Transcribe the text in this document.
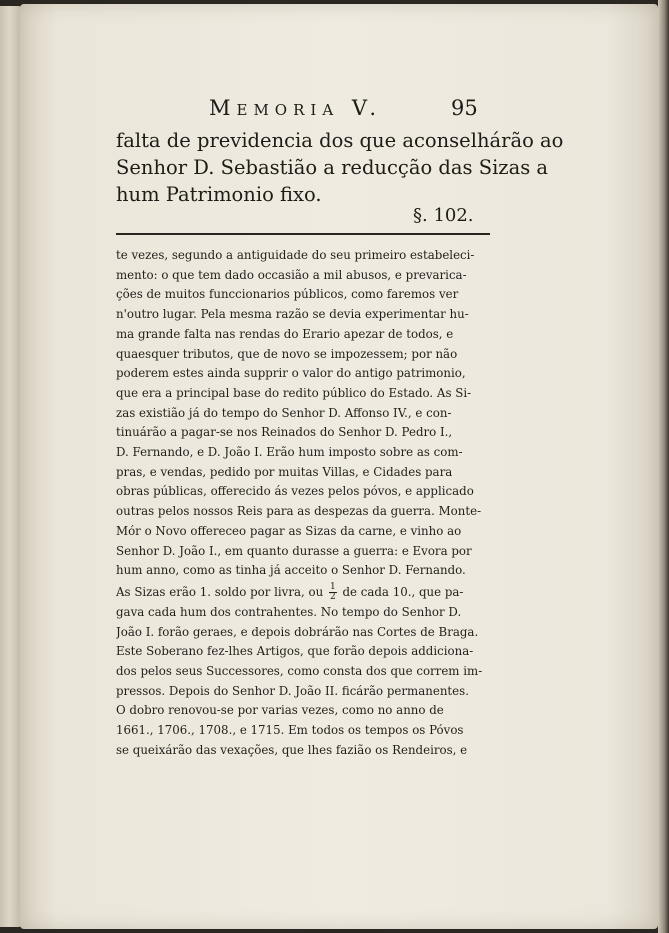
Memoria V.	95
falta de previdencia dos que aconselhárão ao
Senhor D. Sebastião a reducção das Sizas a
hum Patrimonio fixo.
§. 102.
te vezes, segundo a antiguidade do seu primeiro estabeleci-
mento: o que tem dado occasião a mil abusos, e prevarica-
ções de muitos funccionarios públicos, como faremos ver
n'outro lugar. Pela mesma razão se devia experimentar hu-
ma grande falta nas rendas do Erario apezar de todos, e
quaesquer tributos, que de novo se impozessem; por não
poderem estes ainda supprir o valor do antigo patrimonio,
que era a principal base do redito público do Estado. As Si-
zas existião já do tempo do Senhor D. Affonso IV., e con-
tinuárão a pagar-se nos Reinados do Senhor D. Pedro I.,
D. Fernando, e D. João I. Erão hum imposto sobre as com-
pras, e vendas, pedido por muitas Villas, e Cidades para
obras públicas, offerecido ás vezes pelos póvos, e applicado
outras pelos nossos Reis para as despezas da guerra. Monte-
Mór o Novo offereceo pagar as Sizas da carne, e vinho ao
Senhor D. João I., em quanto durasse a guerra: e Evora por
hum anno, como as tinha já acceito o Senhor D. Fernando.
As Sizas erão 1. soldo por livra, ou $\frac{1}{2}$ de cada 10., que pa-
gava cada hum dos contrahentes. No tempo do Senhor D.
João I. forão geraes, e depois dobrárão nas Cortes de Braga.
Este Soberano fez-lhes Artigos, que forão depois addiciona-
dos pelos seus Successores, como consta dos que correm im-
pressos. Depois do Senhor D. João II. ficárão permanentes.
O dobro renovou-se por varias vezes, como no anno de
1661., 1706., 1708., e 1715. Em todos os tempos os Póvos
se queixárão das vexações, que lhes fazião os Rendeiros, e
